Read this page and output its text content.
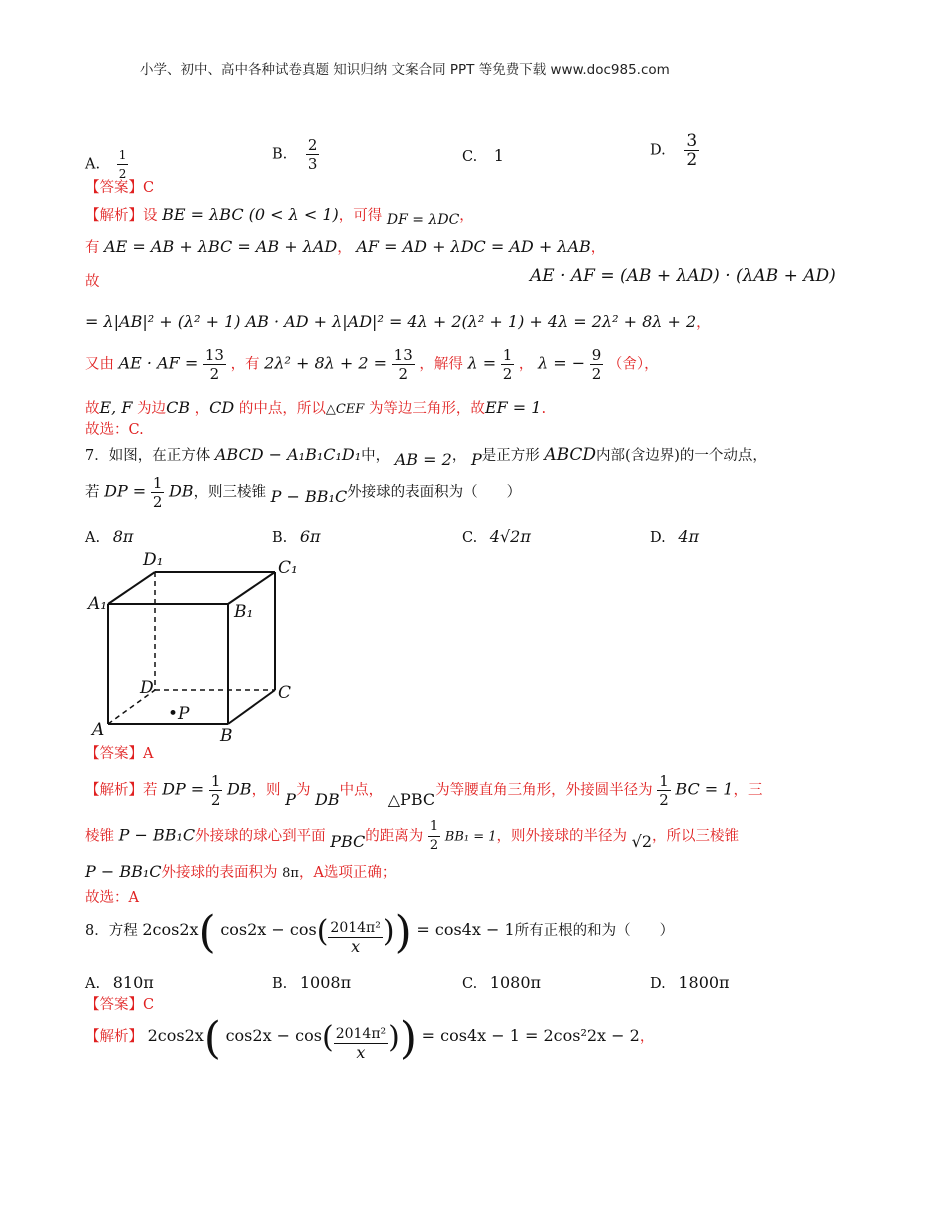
小学、初中、高中各种试卷真题 知识归纳 文案合同 PPT 等免费下载 www.doc985.com
A. $\frac{1}{2}$	B. $\frac{2}{3}$	C. 1	D. $\frac{3}{2}$
【答案】C
【解析】设 BE = λBC (0 < λ < 1)，可得 DF = λDC，
有 AE = AB + λBC = AB + λAD， AF = AD + λDC = AD + λAB，
故	AE · AF = (AB + λAD) · (λAB + AD)
= λ|AB|² + (λ² + 1) AB · AD + λ|AD|² = 4λ + 2(λ² + 1) + 4λ = 2λ² + 8λ + 2，
又由 AE · AF = $\frac{13}{2}$ ，有 $2\lambda^2 + 8\lambda + 2 = \frac{13}{2}$ ，解得 $\lambda = \frac{1}{2}$ ， λ = − $\frac{9}{2}$ （舍），
故E, F 为边CB ，CD 的中点，所以△CEF 为等边三角形，故EF = 1.
故选：C.
7．如图，在正方体 ABCD − A₁B₁C₁D₁中， AB = 2， P是正方形 ABCD内部(含边界)的一个动点，
若 DP = $\frac{1}{2}$ DB，则三棱锥 P − BB₁C外接球的表面积为（　　）
A. 8π	B. 6π	C. 4√2π	D. 4π
D₁	C₁
A₁	B₁
D	C
A	B
•P
【答案】A
【解析】若 DP = $\frac{1}{2}$ DB，则 P为 DB中点， △PBC为等腰直角三角形，外接圆半径为 $\frac{1}{2}$ BC = 1，三
棱锥 P − BB₁C外接球的球心到平面 PBC的距离为 $\frac{1}{2} BB_1 = 1$，则外接球的半径为 √2，所以三棱锥
P − BB₁C外接球的表面积为 8π，A选项正确；
故选：A
8．方程 2cos2x( $\cos 2x - \cos( \frac{\text{2014π²}}{x}$ )) = cos4x − 1所有正根的和为（　　）
A. 810π	B. 1008π	C. 1080π	D. 1800π
【答案】C
【解析】 2cos2x( $\cos 2x - \cos( \frac{\text{2014π²}}{x}$ )) = cos4x − 1 = 2cos²2x − 2，
